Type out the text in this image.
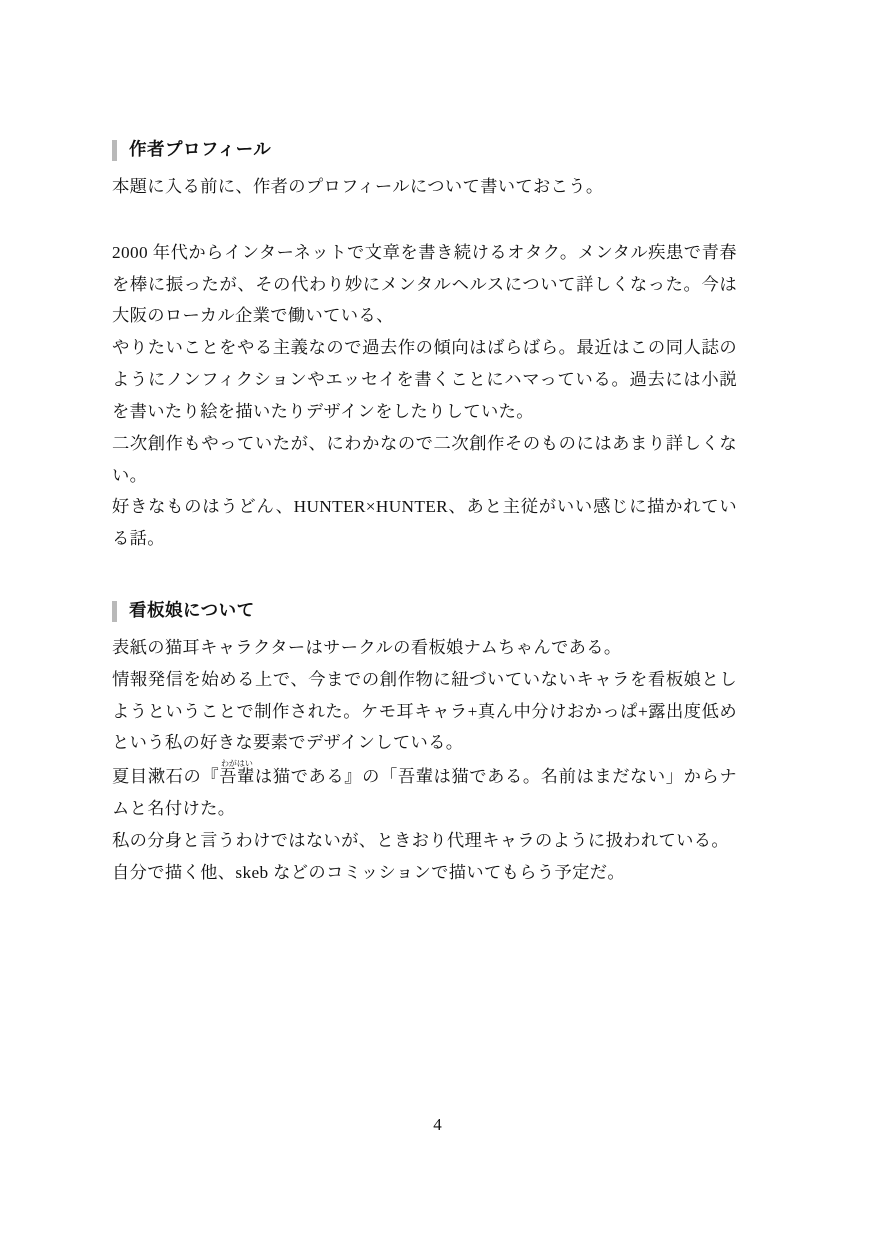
作者プロフィール

本題に入る前に、作者のプロフィールについて書いておこう。

2000 年代からインターネットで文章を書き続けるオタク。メンタル疾患で青春を棒に振ったが、その代わり妙にメンタルヘルスについて詳しくなった。今は大阪のローカル企業で働いている、

やりたいことをやる主義なので過去作の傾向はばらばら。最近はこの同人誌のようにノンフィクションやエッセイを書くことにハマっている。過去には小説を書いたり絵を描いたりデザインをしたりしていた。

二次創作もやっていたが、にわかなので二次創作そのものにはあまり詳しくない。

好きなものはうどん、HUNTER×HUNTER、あと主従がいい感じに描かれている話。

看板娘について

表紙の猫耳キャラクターはサークルの看板娘ナムちゃんである。

情報発信を始める上で、今までの創作物に紐づいていないキャラを看板娘としようということで制作された。ケモ耳キャラ+真ん中分けおかっぱ+露出度低めという私の好きな要素でデザインしている。

夏目漱石の『吾輩わがはいは猫である』の「吾輩は猫である。名前はまだない」からナムと名付けた。

私の分身と言うわけではないが、ときおり代理キャラのように扱われている。

自分で描く他、skeb などのコミッションで描いてもらう予定だ。

4
